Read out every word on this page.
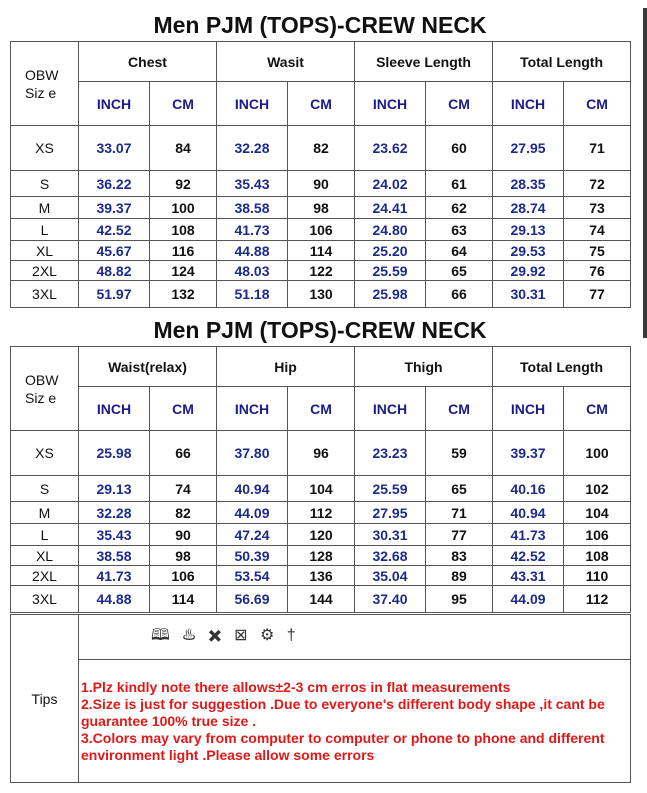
Men PJM (TOPS)-CREW NECK
OBW
Siz e	Chest		Wasit		Sleeve Length		Total Length	
	INCH	CM	INCH	CM	INCH	CM	INCH	CM
XS	33.07	84	32.28	82	23.62	60	27.95	71
S	36.22	92	35.43	90	24.02	61	28.35	72
M	39.37	100	38.58	98	24.41	62	28.74	73
L	42.52	108	41.73	106	24.80	63	29.13	74
XL	45.67	116	44.88	114	25.20	64	29.53	75
2XL	48.82	124	48.03	122	25.59	65	29.92	76
3XL	51.97	132	51.18	130	25.98	66	30.31	77
Men PJM (TOPS)-CREW NECK
OBW
Siz e	Waist(relax)		Hip		Thigh		Total Length	
	INCH	CM	INCH	CM	INCH	CM	INCH	CM
XS	25.98	66	37.80	96	23.23	59	39.37	100
S	29.13	74	40.94	104	25.59	65	40.16	102
M	32.28	82	44.09	112	27.95	71	40.94	104
L	35.43	90	47.24	120	30.31	77	41.73	106
XL	38.58	98	50.39	128	32.68	83	42.52	108
2XL	41.73	106	53.54	136	35.04	89	43.31	110
3XL	44.88	114	56.69	144	37.40	95	44.09	112
Tips	🕮 ♨ ✖ ⊠ ⚙ †

1.Plz kindly note there allows±2-3 cm erros in flat measurements
2.Size is just for suggestion .Due to everyone's different body shape ,it cant be guarantee 100% true size .
3.Colors may vary from computer to computer or phone to phone and different environment light .Please allow some errors
